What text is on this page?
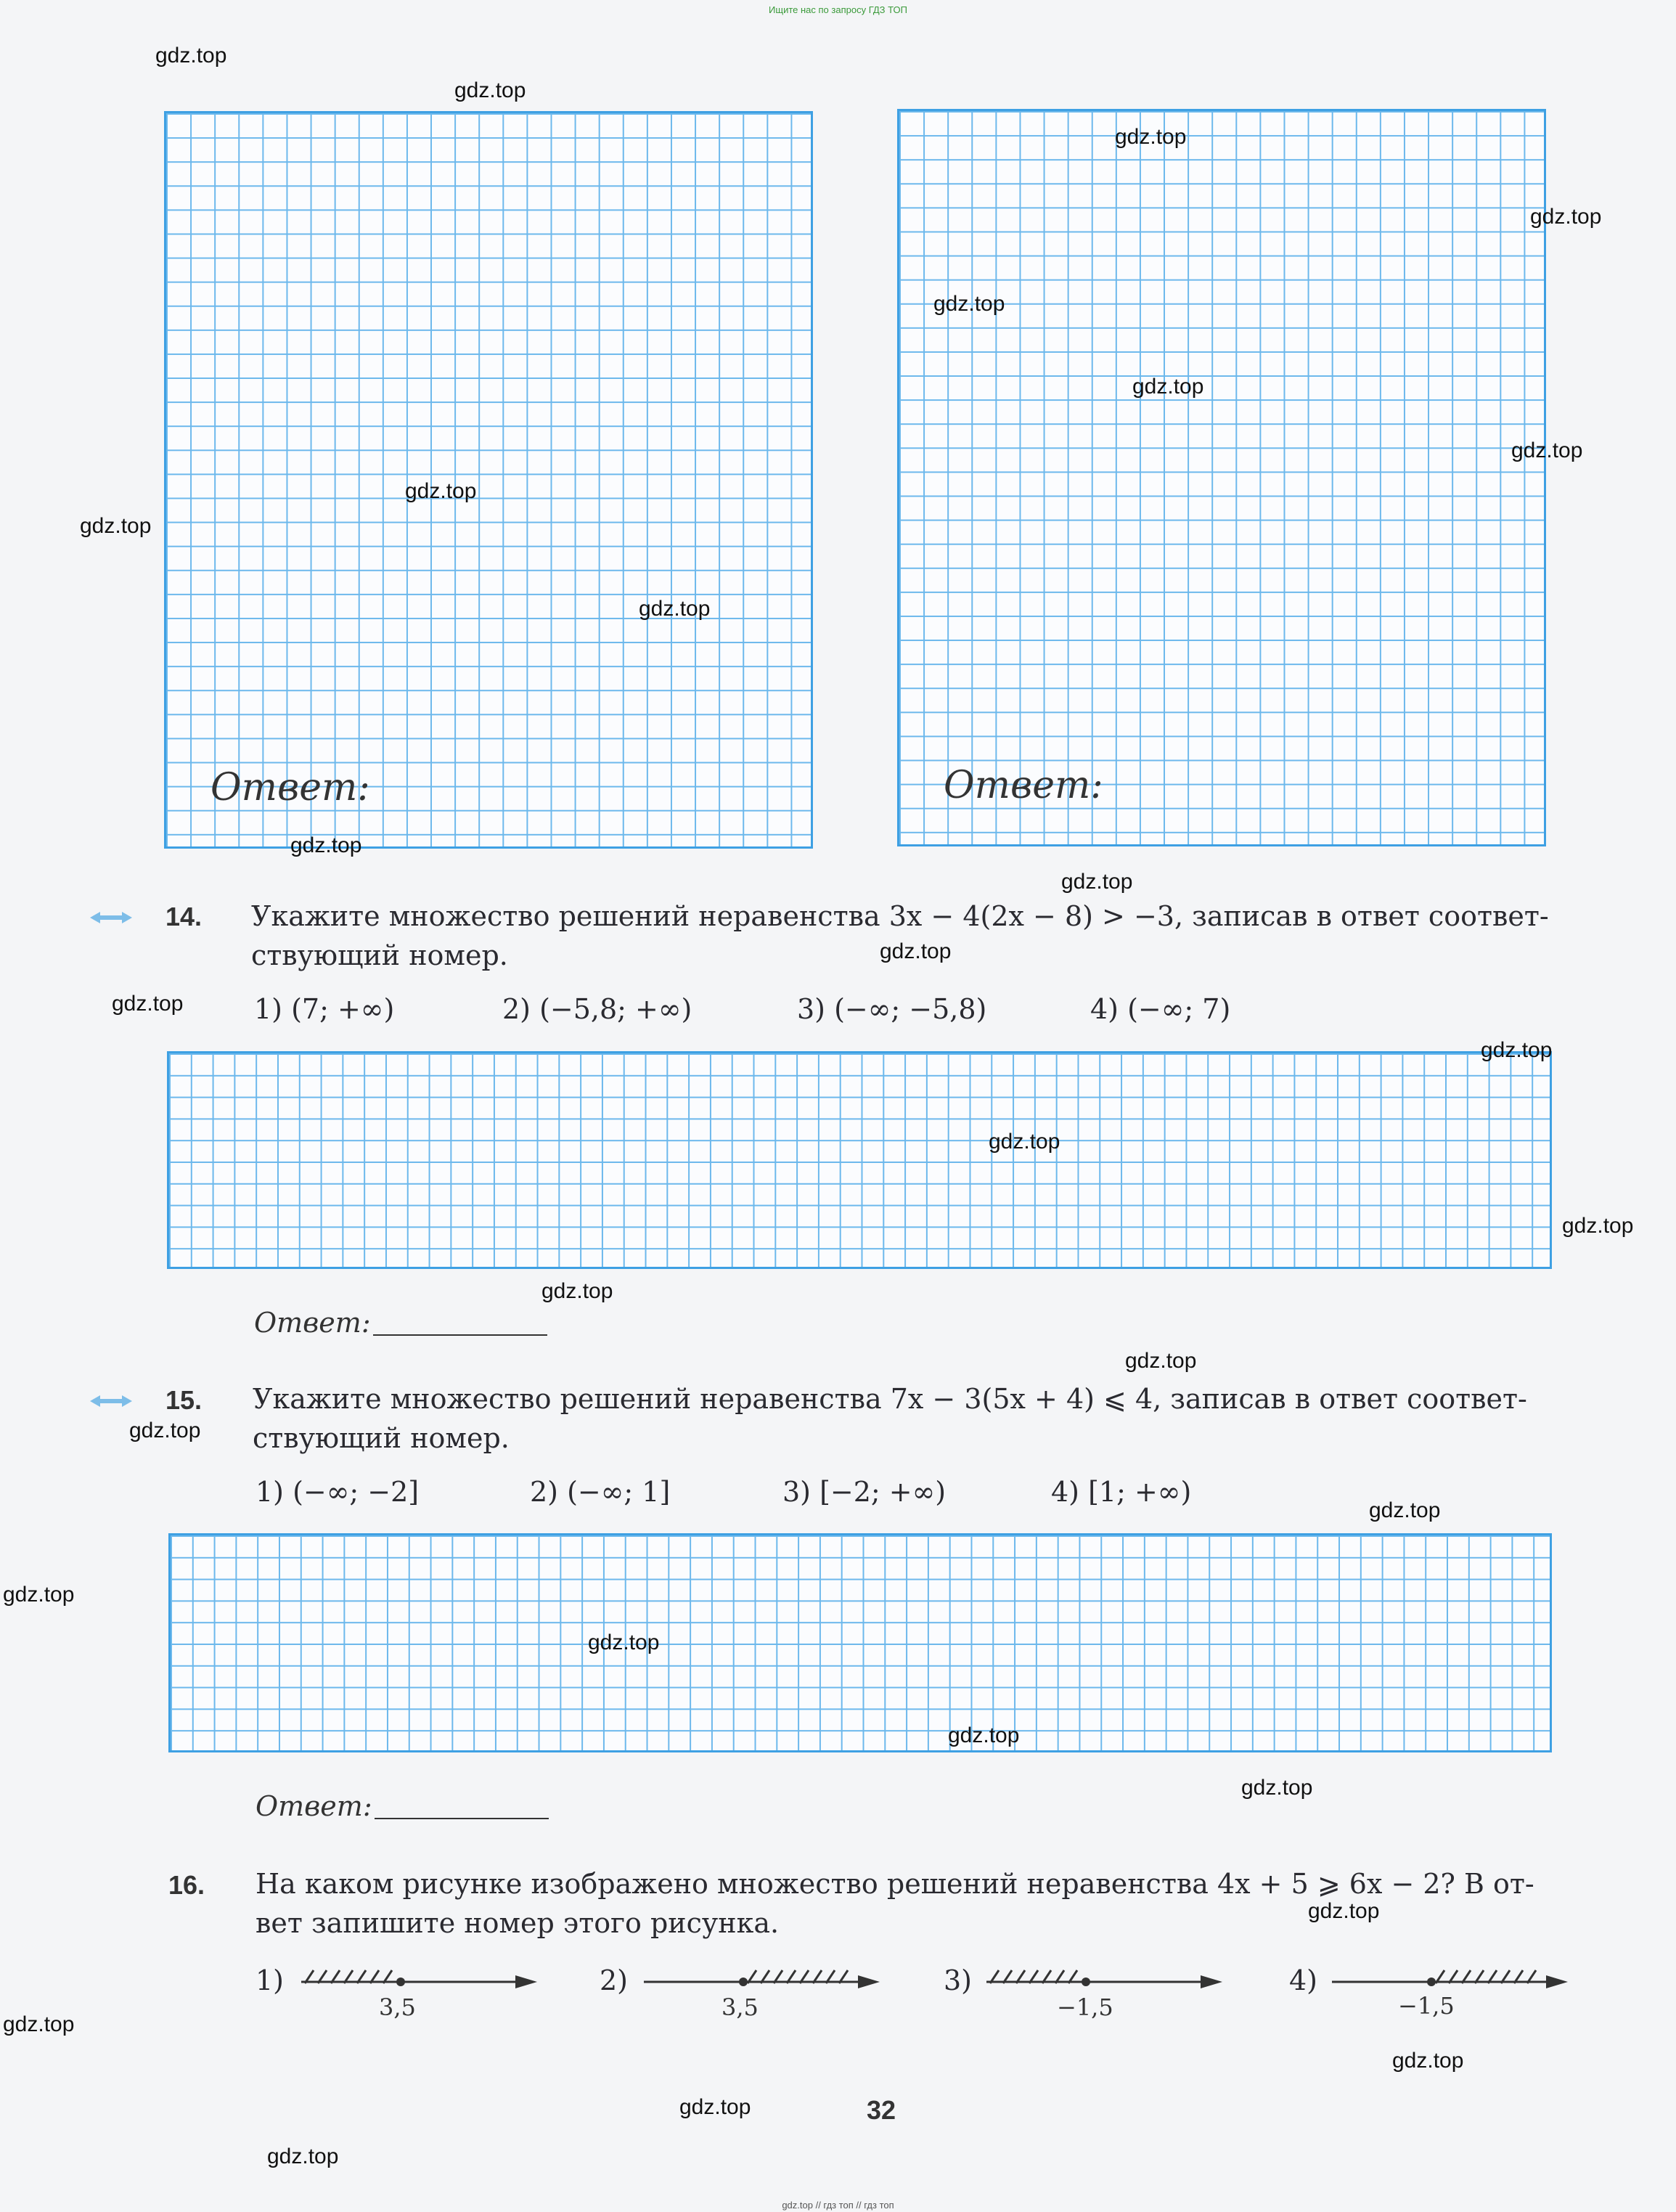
Ищите нас по запросу ГДЗ ТОП
Ответ:	Ответ:
14. Укажите множество решений неравенства 3x − 4(2x − 8) > −3, записав в ответ соответ-
ствующий номер.
1) (7; +∞)	2) (−5,8; +∞)	3) (−∞; −5,8)	4) (−∞; 7)
Ответ:
15. Укажите множество решений неравенства 7x − 3(5x + 4) ⩽ 4, записав в ответ соответ-
ствующий номер.
1) (−∞; −2]	2) (−∞; 1]	3) [−2; +∞)	4) [1; +∞)
Ответ:
16. На каком рисунке изображено множество решений неравенства 4x + 5 ⩾ 6x − 2? В от-
вет запишите номер этого рисунка.
1)
3,5
2)
3,5
3)
−1,5
4)
−1,5
32
gdz.top
gdz.top
gdz.top
gdz.top
gdz.top
gdz.top
gdz.top
gdz.top
gdz.top
gdz.top
gdz.top
gdz.top
gdz.top
gdz.top
gdz.top
gdz.top
gdz.top
gdz.top
gdz.top
gdz.top
gdz.top
gdz.top
gdz.top
gdz.top
gdz.top
gdz.top
gdz.top
gdz.top
gdz.top
gdz.top
gdz.top // гдз топ // гдз топ
